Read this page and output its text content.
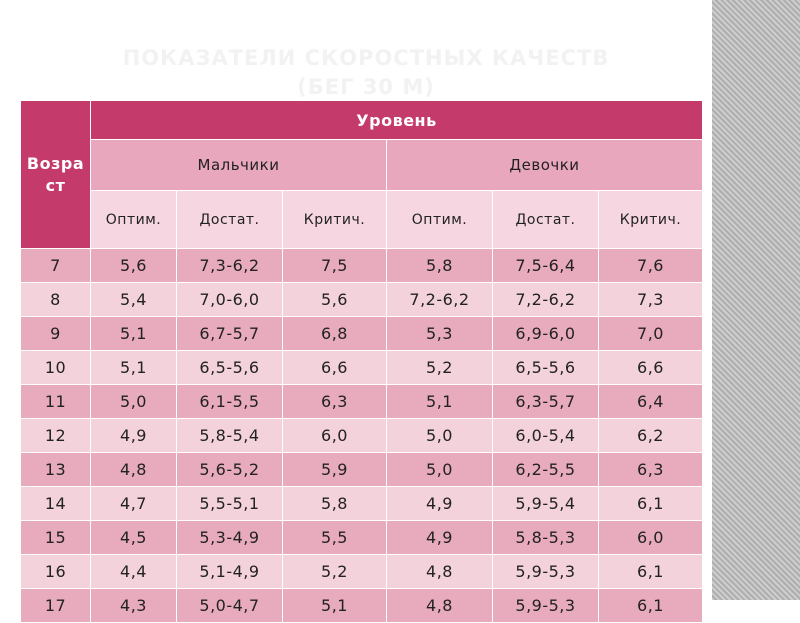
ПОКАЗАТЕЛИ СКОРОСТНЫХ КАЧЕСТВ
(БЕГ 30 М)
Возра ст	Уровень					
	Мальчики			Девочки		
	Оптим.	Достат.	Критич.	Оптим.	Достат.	Критич.
7	5,6	7,3-6,2	7,5	5,8	7,5-6,4	7,6
8	5,4	7,0-6,0	5,6	7,2-6,2	7,2-6,2	7,3
9	5,1	6,7-5,7	6,8	5,3	6,9-6,0	7,0
10	5,1	6,5-5,6	6,6	5,2	6,5-5,6	6,6
11	5,0	6,1-5,5	6,3	5,1	6,3-5,7	6,4
12	4,9	5,8-5,4	6,0	5,0	6,0-5,4	6,2
13	4,8	5,6-5,2	5,9	5,0	6,2-5,5	6,3
14	4,7	5,5-5,1	5,8	4,9	5,9-5,4	6,1
15	4,5	5,3-4,9	5,5	4,9	5,8-5,3	6,0
16	4,4	5,1-4,9	5,2	4,8	5,9-5,3	6,1
17	4,3	5,0-4,7	5,1	4,8	5,9-5,3	6,1
